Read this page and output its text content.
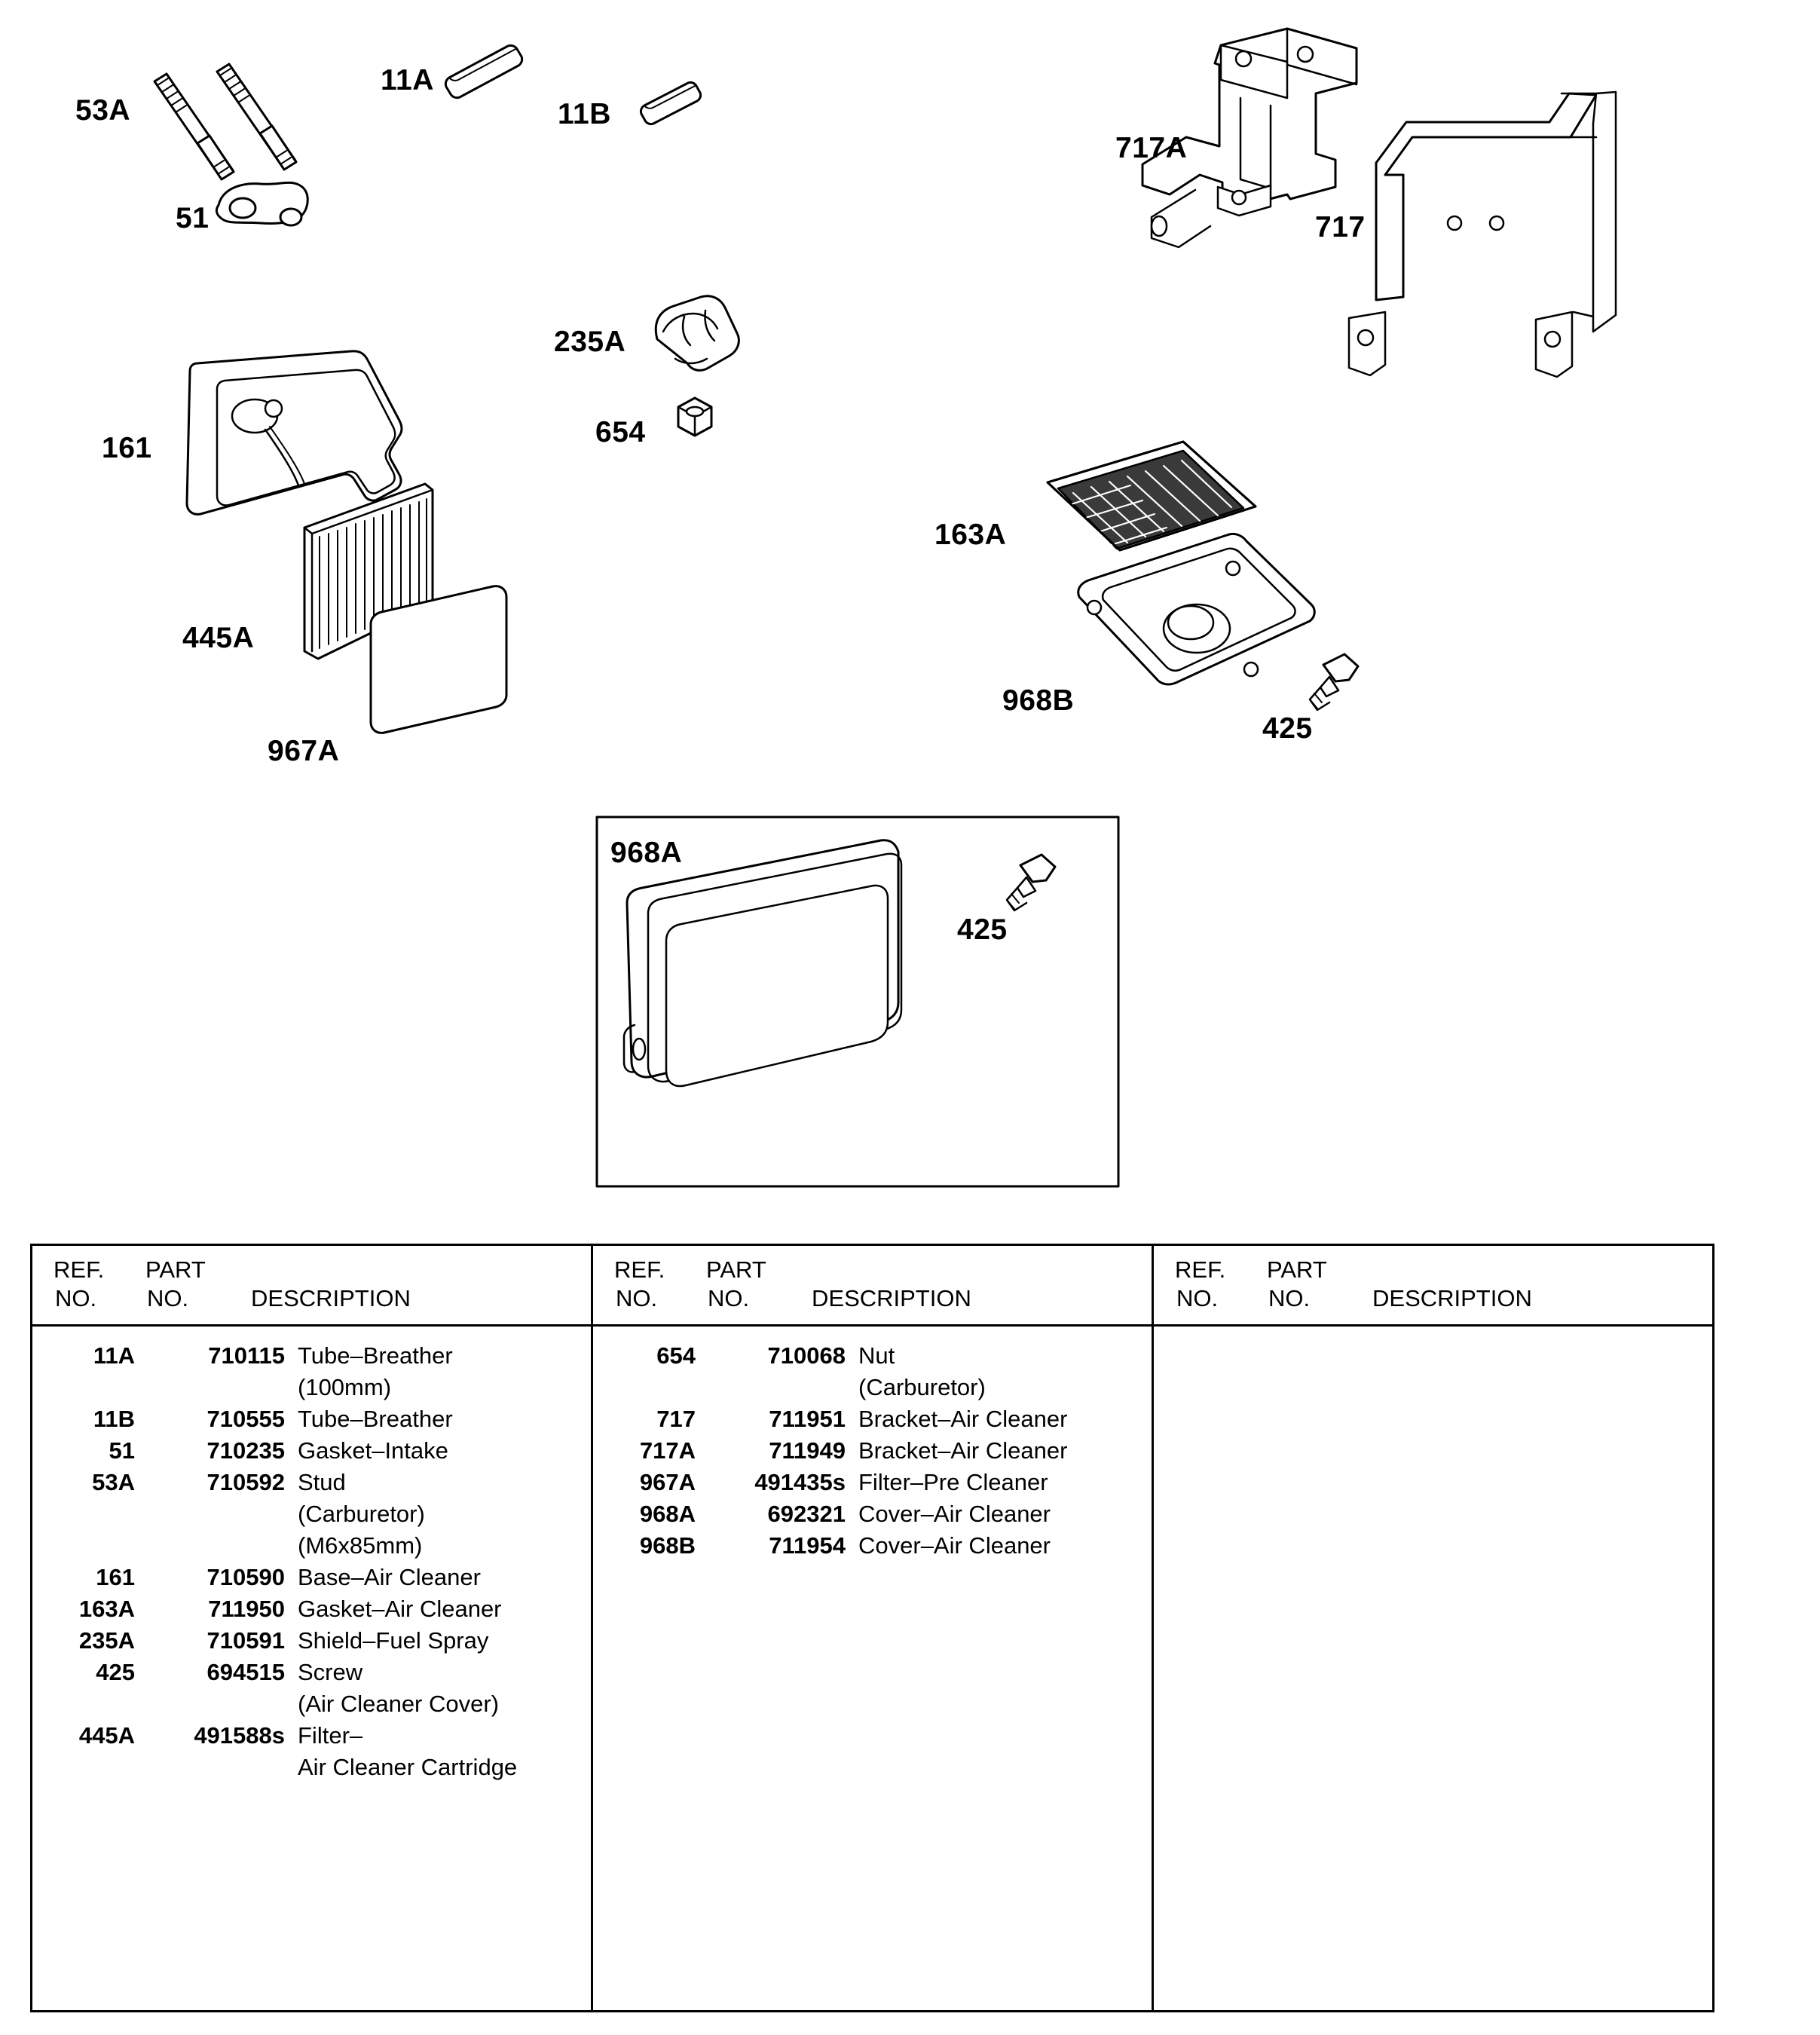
53A
11A
11B
51
235A
654
161
445A
967A
717A
717
163A
968B
425
968A
425
REF.
NO.
PART
NO.	DESCRIPTION
11A	710115 Tube–Breather
(100mm)
11B	710555 Tube–Breather
51	710235 Gasket–Intake
53A	710592 Stud
(Carburetor)
(M6x85mm)
161	710590 Base–Air Cleaner
163A	711950 Gasket–Air Cleaner
235A	710591 Shield–Fuel Spray
425	694515 Screw
(Air Cleaner Cover)
445A	491588s Filter–
Air Cleaner Cartridge
REF.
NO.
PART
NO.	DESCRIPTION
654	710068 Nut
(Carburetor)
717	711951 Bracket–Air Cleaner
717A	711949 Bracket–Air Cleaner
967A	491435s Filter–Pre Cleaner
968A	692321 Cover–Air Cleaner
968B	711954 Cover–Air Cleaner
REF.
NO.
PART
NO.	DESCRIPTION
